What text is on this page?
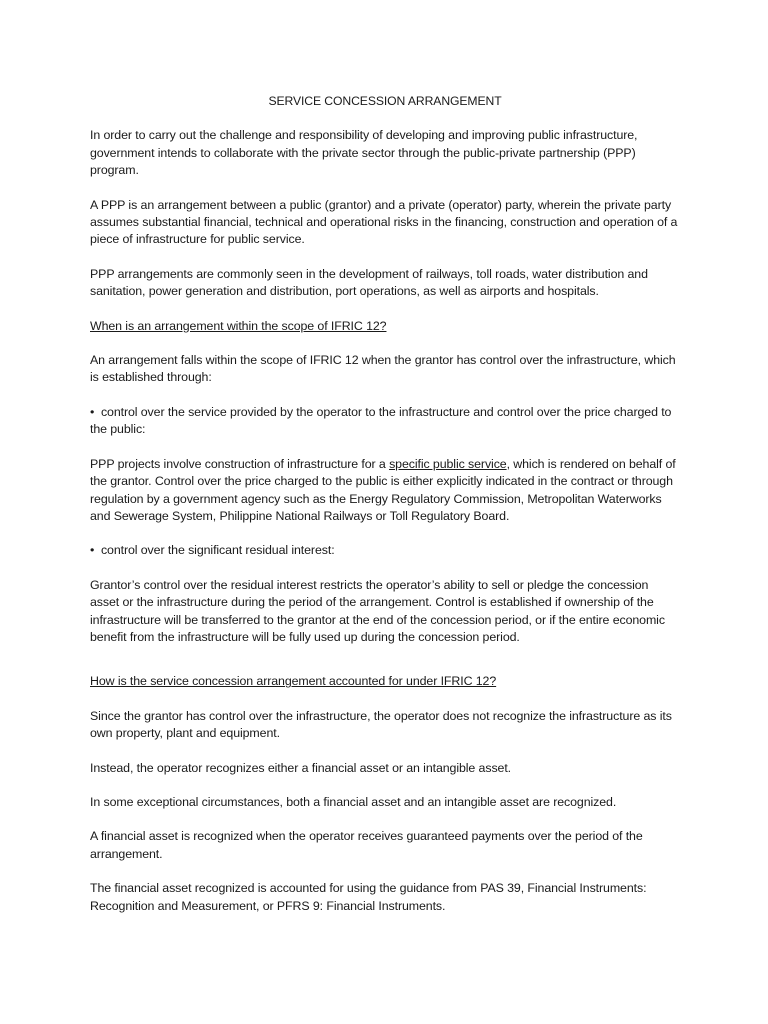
SERVICE CONCESSION ARRANGEMENT

In order to carry out the challenge and responsibility of developing and improving public infrastructure, government intends to collaborate with the private sector through the public-private partnership (PPP) program.

A PPP is an arrangement between a public (grantor) and a private (operator) party, wherein the private party assumes substantial financial, technical and operational risks in the financing, construction and operation of a piece of infrastructure for public service.

PPP arrangements are commonly seen in the development of railways, toll roads, water distribution and sanitation, power generation and distribution, port operations, as well as airports and hospitals.

When is an arrangement within the scope of IFRIC 12?

An arrangement falls within the scope of IFRIC 12 when the grantor has control over the infrastructure, which is established through:

•  control over the service provided by the operator to the infrastructure and control over the price charged to the public:

PPP projects involve construction of infrastructure for a specific public service, which is rendered on behalf of the grantor. Control over the price charged to the public is either explicitly indicated in the contract or through regulation by a government agency such as the Energy Regulatory Commission, Metropolitan Waterworks and Sewerage System, Philippine National Railways or Toll Regulatory Board.

•  control over the significant residual interest:

Grantor’s control over the residual interest restricts the operator’s ability to sell or pledge the concession asset or the infrastructure during the period of the arrangement. Control is established if ownership of the infrastructure will be transferred to the grantor at the end of the concession period, or if the entire economic benefit from the infrastructure will be fully used up during the concession period.

How is the service concession arrangement accounted for under IFRIC 12?

Since the grantor has control over the infrastructure, the operator does not recognize the infrastructure as its own property, plant and equipment.

Instead, the operator recognizes either a financial asset or an intangible asset.

In some exceptional circumstances, both a financial asset and an intangible asset are recognized.

A financial asset is recognized when the operator receives guaranteed payments over the period of the arrangement.

The financial asset recognized is accounted for using the guidance from PAS 39, Financial Instruments: Recognition and Measurement, or PFRS 9: Financial Instruments.
